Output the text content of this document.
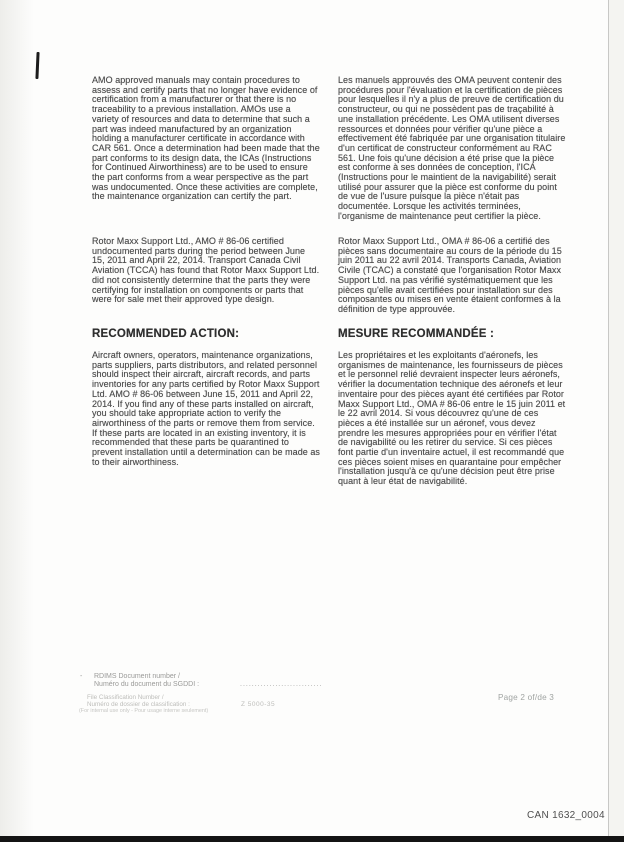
AMO approved manuals may contain procedures to assess and certify parts that no longer have evidence of certification from a manufacturer or that there is no traceability to a previous installation. AMOs use a variety of resources and data to determine that such a part was indeed manufactured by an organization holding a manufacturer certificate in accordance with CAR 561. Once a determination had been made that the part conforms to its design data, the ICAs (Instructions for Continued Airworthiness) are to be used to ensure the part conforms from a wear perspective as the part was undocumented. Once these activities are complete, the maintenance organization can certify the part.
Rotor Maxx Support Ltd., AMO # 86-06 certified undocumented parts during the period between June 15, 2011 and April 22, 2014. Transport Canada Civil Aviation (TCCA) has found that Rotor Maxx Support Ltd. did not consistently determine that the parts they were certifying for installation on components or parts that were for sale met their approved type design.
RECOMMENDED ACTION:
Aircraft owners, operators, maintenance organizations, parts suppliers, parts distributors, and related personnel should inspect their aircraft, aircraft records, and parts inventories for any parts certified by Rotor Maxx Support Ltd. AMO # 86-06 between June 15, 2011 and April 22, 2014. If you find any of these parts installed on aircraft, you should take appropriate action to verify the airworthiness of the parts or remove them from service. If these parts are located in an existing inventory, it is recommended that these parts be quarantined to prevent installation until a determination can be made as to their airworthiness.
Les manuels approuvés des OMA peuvent contenir des procédures pour l'évaluation et la certification de pièces pour lesquelles il n'y a plus de preuve de certification du constructeur, ou qui ne possèdent pas de traçabilité à une installation précédente. Les OMA utilisent diverses ressources et données pour vérifier qu'une pièce a effectivement été fabriquée par une organisation titulaire d'un certificat de constructeur conformément au RAC 561. Une fois qu'une décision a été prise que la pièce est conforme à ses données de conception, l'ICA (Instructions pour le maintient de la navigabilité) serait utilisé pour assurer que la pièce est conforme du point de vue de l'usure puisque la pièce n'était pas documentée. Lorsque les activités terminées, l'organisme de maintenance peut certifier la pièce.
Rotor Maxx Support Ltd., OMA # 86-06 a certifié des pièces sans documentaire au cours de la période du 15 juin 2011 au 22 avril 2014. Transports Canada, Aviation Civile (TCAC) a constaté que l'organisation Rotor Maxx Support Ltd. na pas vérifié systématiquement que les pièces qu'elle avait certifiées pour installation sur des composantes ou mises en vente étaient conformes à la définition de type approuvée.
MESURE RECOMMANDÉE :
Les propriétaires et les exploitants d'aéronefs, les organismes de maintenance, les fournisseurs de pièces et le personnel relié devraient inspecter leurs aéronefs, vérifier la documentation technique des aéronefs et leur inventaire pour des pièces ayant été certifiées par Rotor Maxx Support Ltd., OMA # 86-06 entre le 15 juin 2011 et le 22 avril 2014. Si vous découvrez qu'une de ces pièces a été installée sur un aéronef, vous devez prendre les mesures appropriées pour en vérifier l'état de navigabilité ou les retirer du service. Si ces pièces font partie d'un inventaire actuel, il est recommandé que ces pièces soient mises en quarantaine pour empêcher l'installation jusqu'à ce qu'une décision peut être prise quant à leur état de navigabilité.
- RDIMS Document number /
Numéro du document du SGDDI :	............................
File Classification Number /
Numéro de dossier de classification :
(For internal use only - Pour usage interne seulement)
Z 5000-35
Page 2 of/de 3
CAN 1632_0004
